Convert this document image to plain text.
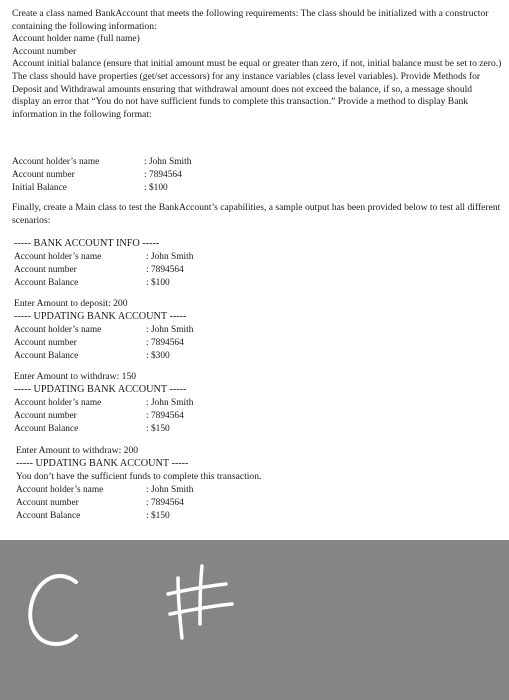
Create a class named BankAccount that meets the following requirements: The class should be initialized with a constructor containing the following information:

Account holder name (full name)

Account number

Account initial balance (ensure that initial amount must be equal or greater than zero, if not, initial balance must be set to zero.)

The class should have properties (get/set accessors) for any instance variables (class level variables). Provide Methods for Deposit and Withdrawal amounts ensuring that withdrawal amount does not exceed the balance, if so, a message should display an error that “You do not have sufficient funds to complete this transaction.” Provide a method to display Bank information in the following format:

Account holder’s name	: John Smith
Account number	: 7894564
Initial Balance	: $100
Finally, create a Main class to test the BankAccount’s capabilities, a sample output has been provided below to test all different scenarios:
----- BANK ACCOUNT INFO -----
Account holder’s name	: John Smith
Account number	: 7894564
Account Balance	: $100
Enter Amount to deposit: 200
----- UPDATING BANK ACCOUNT -----
Account holder’s name	: John Smith
Account number	: 7894564
Account Balance	: $300
Enter Amount to withdraw: 150
----- UPDATING BANK ACCOUNT -----
Account holder’s name	: John Smith
Account number	: 7894564
Account Balance	: $150
Enter Amount to withdraw: 200
----- UPDATING BANK ACCOUNT -----
You don’t have the sufficient funds to complete this transaction.
Account holder’s name	: John Smith
Account number	: 7894564
Account Balance	: $150
